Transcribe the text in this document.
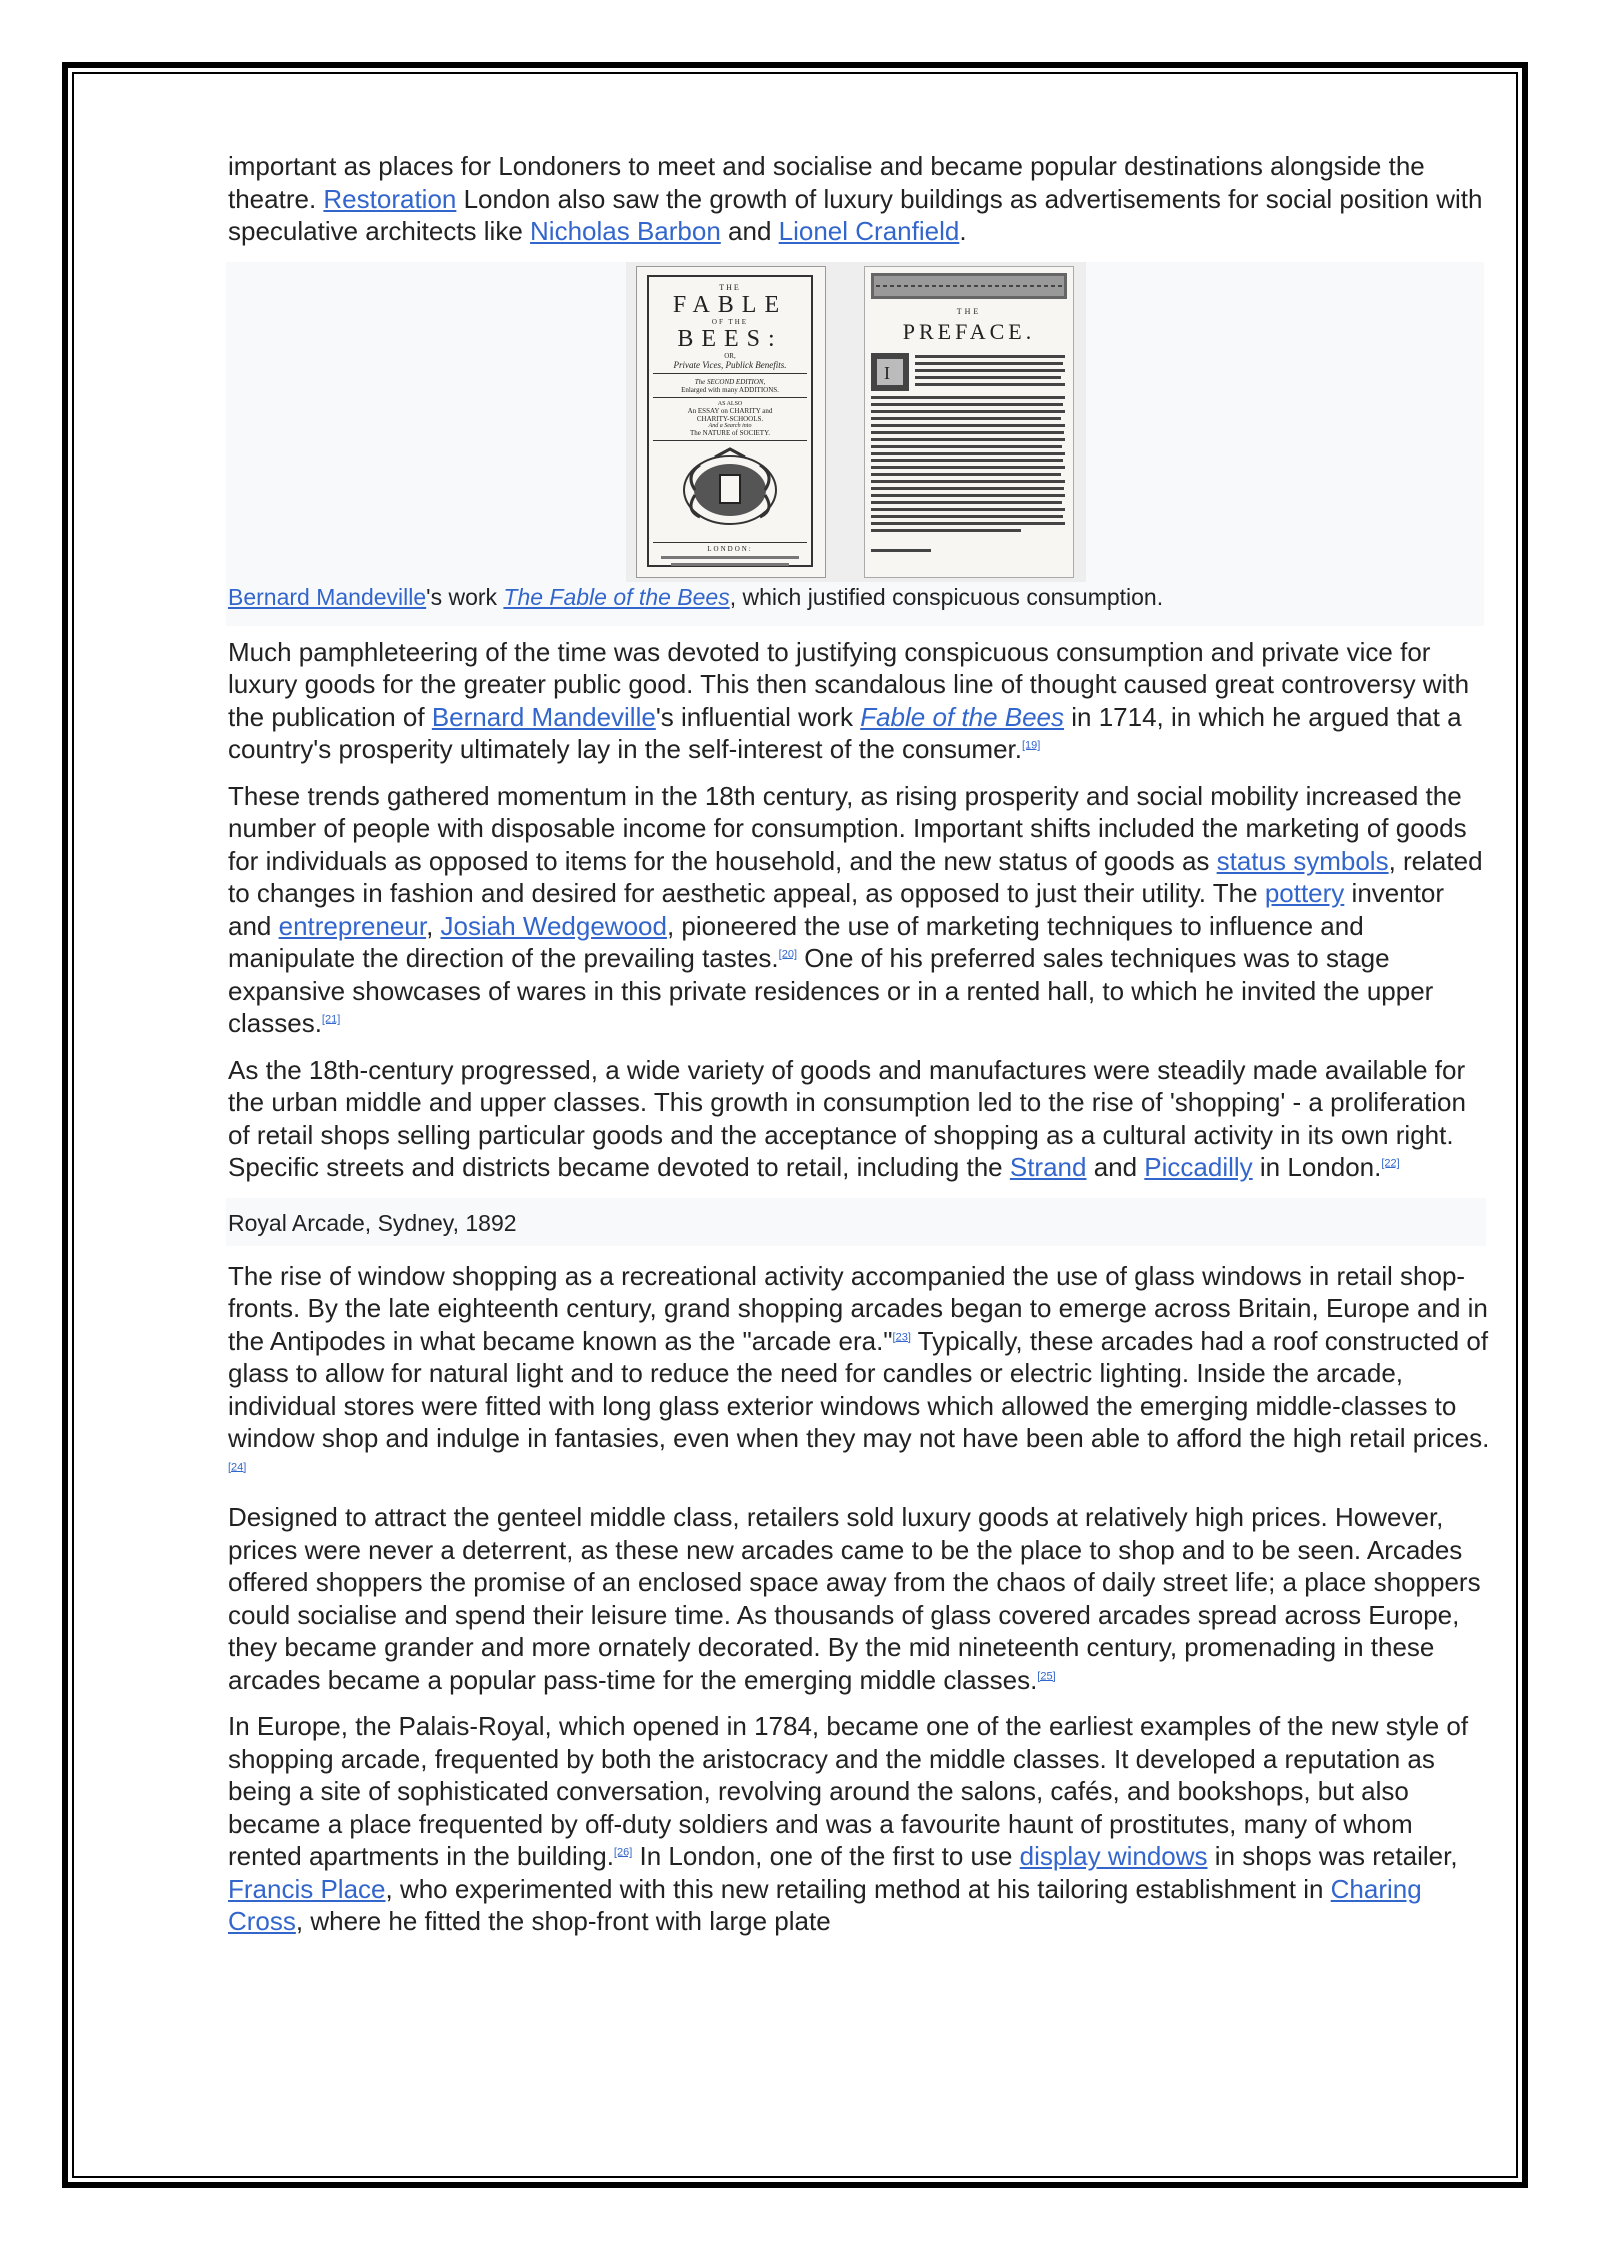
important as places for Londoners to meet and socialise and became popular destinations alongside the theatre. Restoration London also saw the growth of luxury buildings as advertisements for social position with speculative architects like Nicholas Barbon and Lionel Cranfield.

THE
FABLE
OF THE
BEES:
OR,
Private Vices, Publick Benefits.
The SECOND EDITION,
Enlarged with many ADDITIONS.
AS ALSO
An ESSAY on CHARITY and
CHARITY-SCHOOLS.
And a Search into
The NATURE of SOCIETY.
LONDON:
THE
PREFACE.
I
Bernard Mandeville's work The Fable of the Bees, which justified conspicuous consumption.

Much pamphleteering of the time was devoted to justifying conspicuous consumption and private vice for luxury goods for the greater public good. This then scandalous line of thought caused great controversy with the publication of Bernard Mandeville's influential work Fable of the Bees in 1714, in which he argued that a country's prosperity ultimately lay in the self-interest of the consumer.[19]

These trends gathered momentum in the 18th century, as rising prosperity and social mobility increased the number of people with disposable income for consumption. Important shifts included the marketing of goods for individuals as opposed to items for the household, and the new status of goods as status symbols, related to changes in fashion and desired for aesthetic appeal, as opposed to just their utility. The pottery inventor and entrepreneur, Josiah Wedgewood, pioneered the use of marketing techniques to influence and manipulate the direction of the prevailing tastes.[20] One of his preferred sales techniques was to stage expansive showcases of wares in this private residences or in a rented hall, to which he invited the upper classes.[21]

As the 18th-century progressed, a wide variety of goods and manufactures were steadily made available for the urban middle and upper classes. This growth in consumption led to the rise of 'shopping' - a proliferation of retail shops selling particular goods and the acceptance of shopping as a cultural activity in its own right. Specific streets and districts became devoted to retail, including the Strand and Piccadilly in London.[22]

Royal Arcade, Sydney, 1892

The rise of window shopping as a recreational activity accompanied the use of glass windows in retail shop-fronts. By the late eighteenth century, grand shopping arcades began to emerge across Britain, Europe and in the Antipodes in what became known as the "arcade era."[23] Typically, these arcades had a roof constructed of glass to allow for natural light and to reduce the need for candles or electric lighting. Inside the arcade, individual stores were fitted with long glass exterior windows which allowed the emerging middle-classes to window shop and indulge in fantasies, even when they may not have been able to afford the high retail prices.[24]

Designed to attract the genteel middle class, retailers sold luxury goods at relatively high prices. However, prices were never a deterrent, as these new arcades came to be the place to shop and to be seen. Arcades offered shoppers the promise of an enclosed space away from the chaos of daily street life; a place shoppers could socialise and spend their leisure time. As thousands of glass covered arcades spread across Europe, they became grander and more ornately decorated. By the mid nineteenth century, promenading in these arcades became a popular pass-time for the emerging middle classes.[25]

In Europe, the Palais-Royal, which opened in 1784, became one of the earliest examples of the new style of shopping arcade, frequented by both the aristocracy and the middle classes. It developed a reputation as being a site of sophisticated conversation, revolving around the salons, cafés, and bookshops, but also became a place frequented by off-duty soldiers and was a favourite haunt of prostitutes, many of whom rented apartments in the building.[26] In London, one of the first to use display windows in shops was retailer, Francis Place, who experimented with this new retailing method at his tailoring establishment in Charing Cross, where he fitted the shop-front with large plate
